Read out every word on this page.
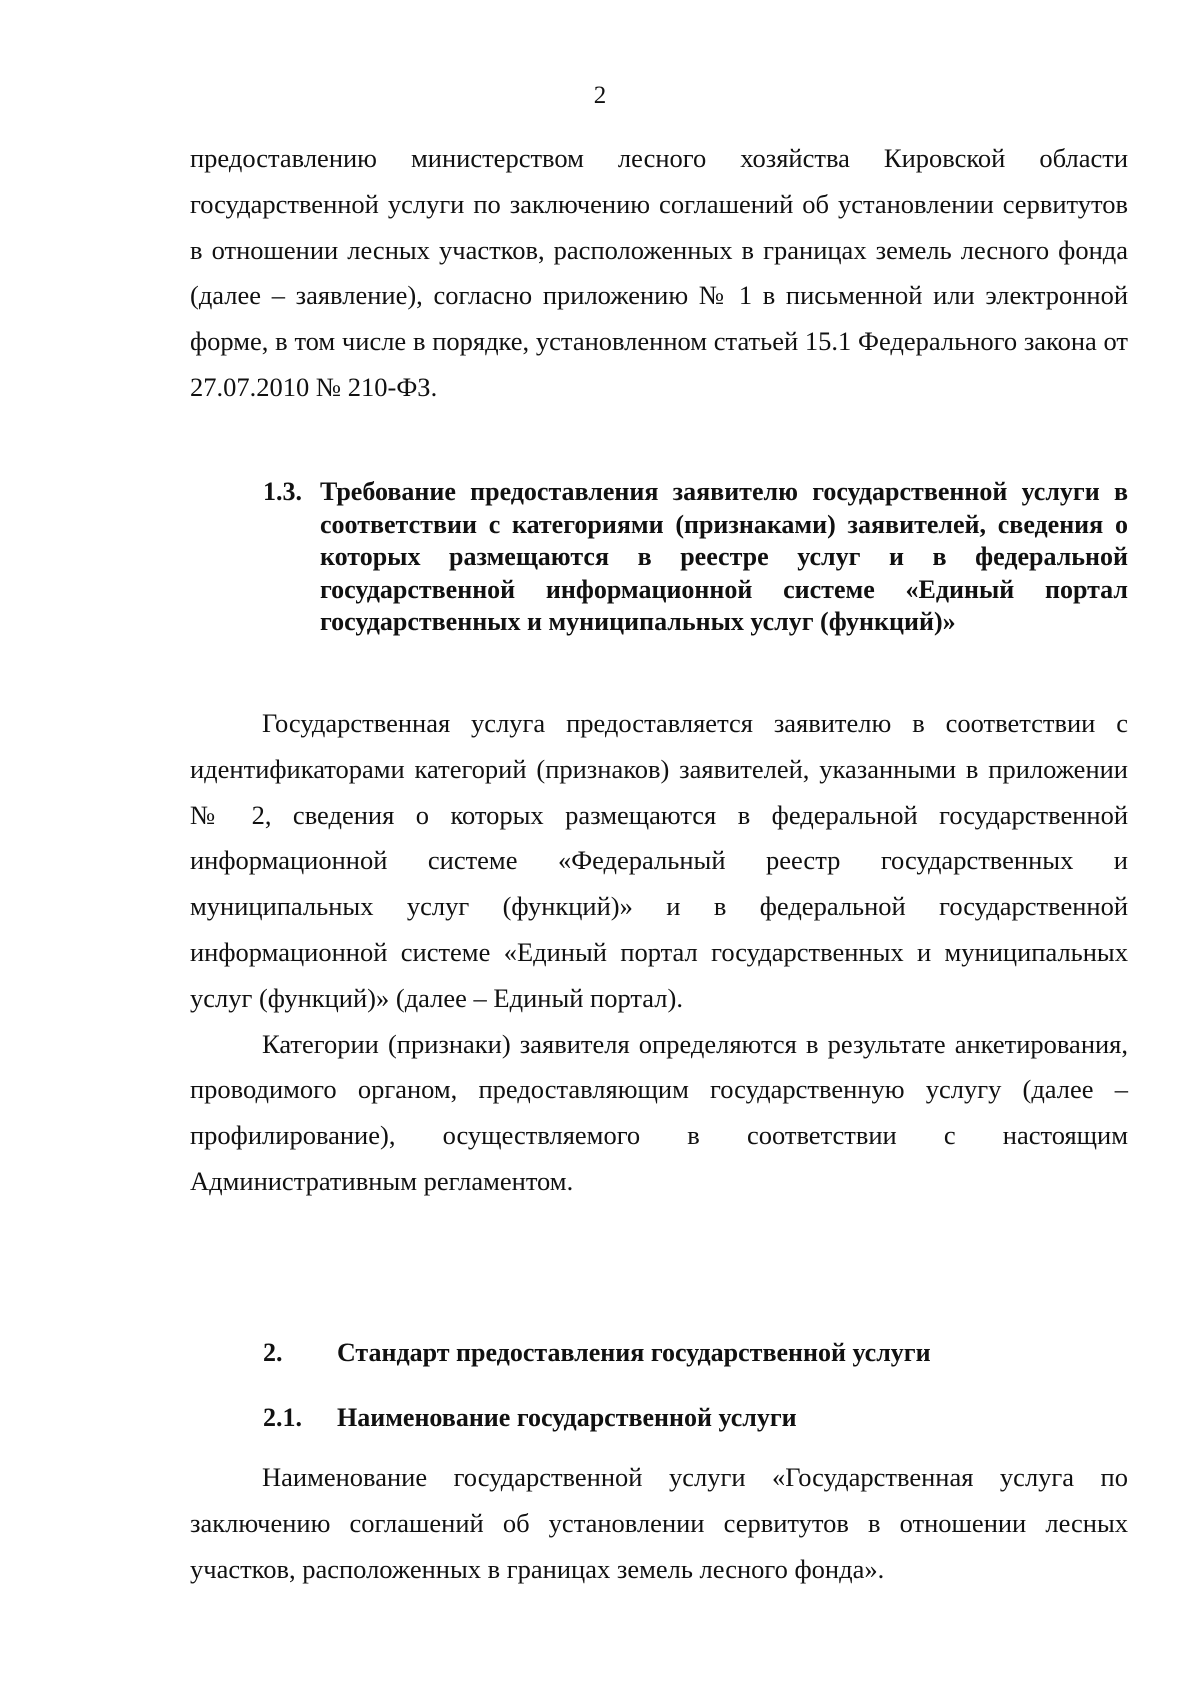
2

предоставлению министерством лесного хозяйства Кировской области государственной услуги по заключению соглашений об установлении сервитутов в отношении лесных участков, расположенных в границах земель лесного фонда (далее – заявление), согласно приложению № 1 в письменной или электронной форме, в том числе в порядке, установленном статьей 15.1 Федерального закона от 27.07.2010 № 210-ФЗ.

1.3. Требование предоставления заявителю государственной услуги в соответствии с категориями (признаками) заявителей, сведения о которых размещаются в реестре услуг и в федеральной государственной информационной системе «Единый портал государственных и муниципальных услуг (функций)»

Государственная услуга предоставляется заявителю в соответствии с идентификаторами категорий (признаков) заявителей, указанными в приложении № 2, сведения о которых размещаются в федеральной государственной информационной системе «Федеральный реестр государственных и муниципальных услуг (функций)» и в федеральной государственной информационной системе «Единый портал государственных и муниципальных услуг (функций)» (далее – Единый портал).

Категории (признаки) заявителя определяются в результате анкетирования, проводимого органом, предоставляющим государственную услугу (далее – профилирование), осуществляемого в соответствии с настоящим Административным регламентом.

2.	Стандарт предоставления государственной услуги
2.1.	Наименование государственной услуги

Наименование государственной услуги «Государственная услуга по заключению соглашений об установлении сервитутов в отношении лесных участков, расположенных в границах земель лесного фонда».
